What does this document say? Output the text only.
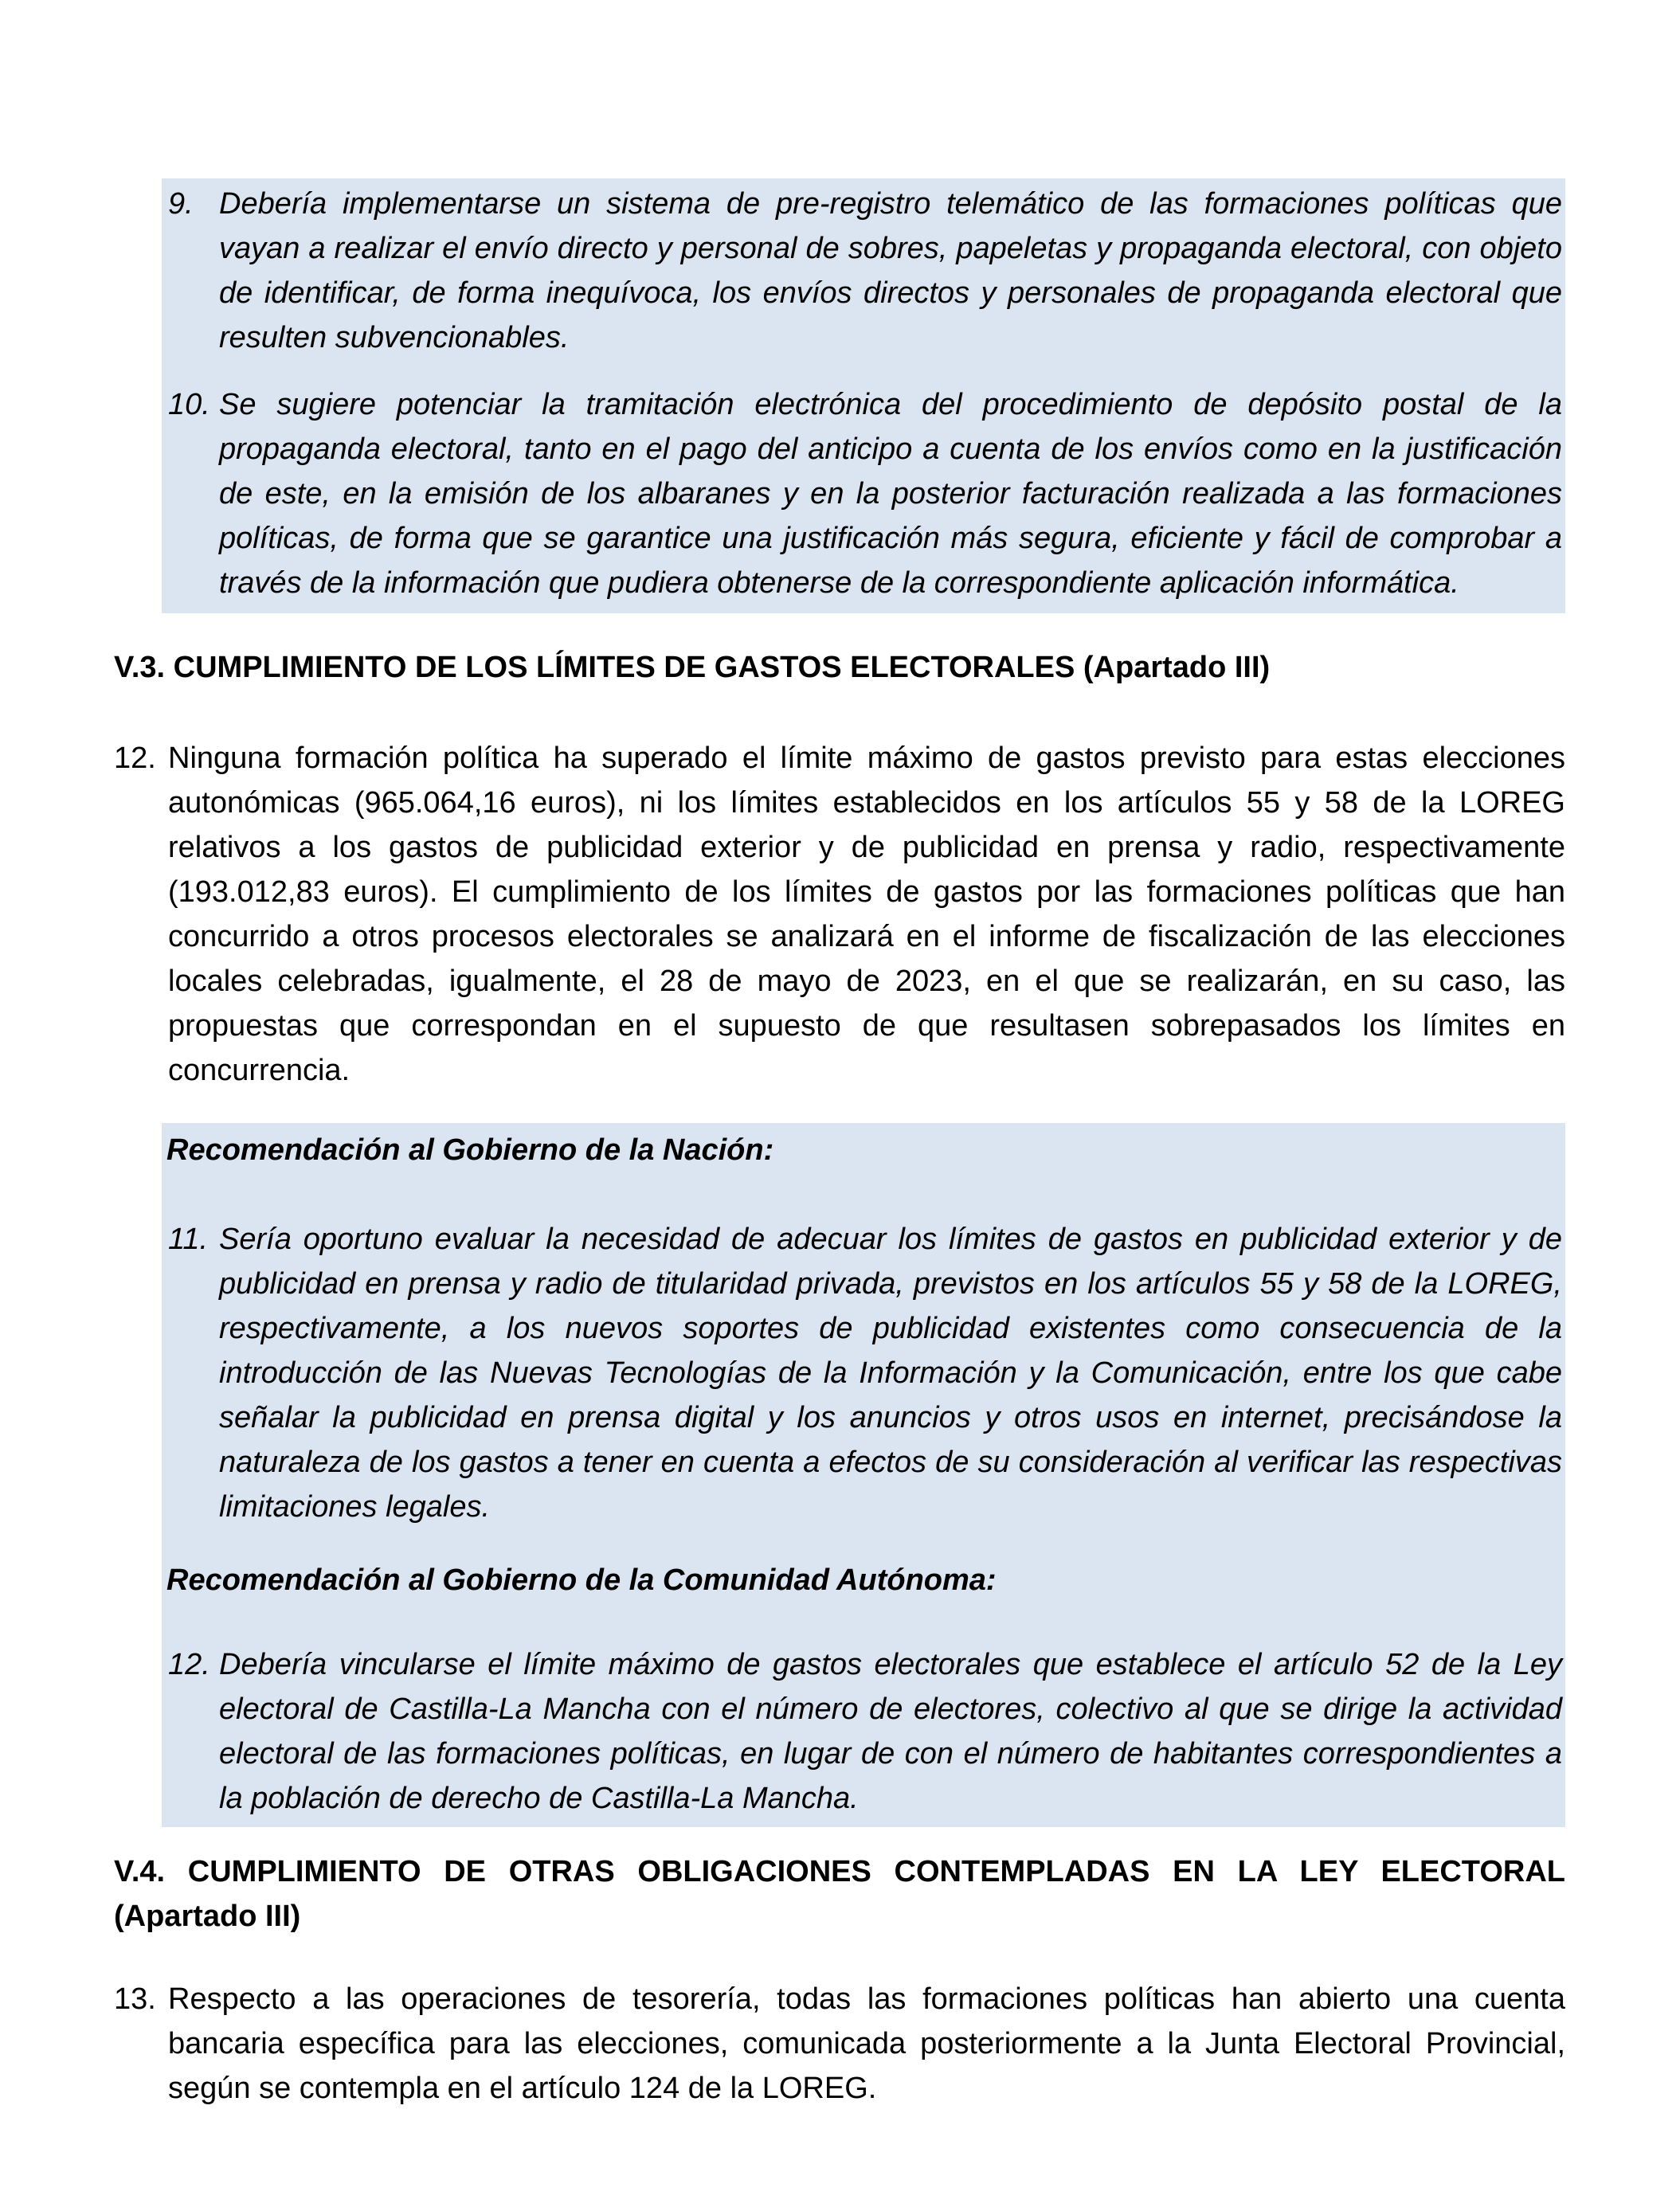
9. Debería implementarse un sistema de pre-registro telemático de las formaciones políticas que vayan a realizar el envío directo y personal de sobres, papeletas y propaganda electoral, con objeto de identificar, de forma inequívoca, los envíos directos y personales de propaganda electoral que resulten subvencionables.
10. Se sugiere potenciar la tramitación electrónica del procedimiento de depósito postal de la propaganda electoral, tanto en el pago del anticipo a cuenta de los envíos como en la justificación de este, en la emisión de los albaranes y en la posterior facturación realizada a las formaciones políticas, de forma que se garantice una justificación más segura, eficiente y fácil de comprobar a través de la información que pudiera obtenerse de la correspondiente aplicación informática.
V.3. CUMPLIMIENTO DE LOS LÍMITES DE GASTOS ELECTORALES (Apartado III)
12. Ninguna formación política ha superado el límite máximo de gastos previsto para estas elecciones autonómicas (965.064,16 euros), ni los límites establecidos en los artículos 55 y 58 de la LOREG relativos a los gastos de publicidad exterior y de publicidad en prensa y radio, respectivamente (193.012,83 euros). El cumplimiento de los límites de gastos por las formaciones políticas que han concurrido a otros procesos electorales se analizará en el informe de fiscalización de las elecciones locales celebradas, igualmente, el 28 de mayo de 2023, en el que se realizarán, en su caso, las propuestas que correspondan en el supuesto de que resultasen sobrepasados los límites en concurrencia.
Recomendación al Gobierno de la Nación:
11. Sería oportuno evaluar la necesidad de adecuar los límites de gastos en publicidad exterior y de publicidad en prensa y radio de titularidad privada, previstos en los artículos 55 y 58 de la LOREG, respectivamente, a los nuevos soportes de publicidad existentes como consecuencia de la introducción de las Nuevas Tecnologías de la Información y la Comunicación, entre los que cabe señalar la publicidad en prensa digital y los anuncios y otros usos en internet, precisándose la naturaleza de los gastos a tener en cuenta a efectos de su consideración al verificar las respectivas limitaciones legales.
Recomendación al Gobierno de la Comunidad Autónoma:
12. Debería vincularse el límite máximo de gastos electorales que establece el artículo 52 de la Ley electoral de Castilla-La Mancha con el número de electores, colectivo al que se dirige la actividad electoral de las formaciones políticas, en lugar de con el número de habitantes correspondientes a la población de derecho de Castilla-La Mancha.
V.4. CUMPLIMIENTO DE OTRAS OBLIGACIONES CONTEMPLADAS EN LA LEY ELECTORAL (Apartado III)
13. Respecto a las operaciones de tesorería, todas las formaciones políticas han abierto una cuenta bancaria específica para las elecciones, comunicada posteriormente a la Junta Electoral Provincial, según se contempla en el artículo 124 de la LOREG.
